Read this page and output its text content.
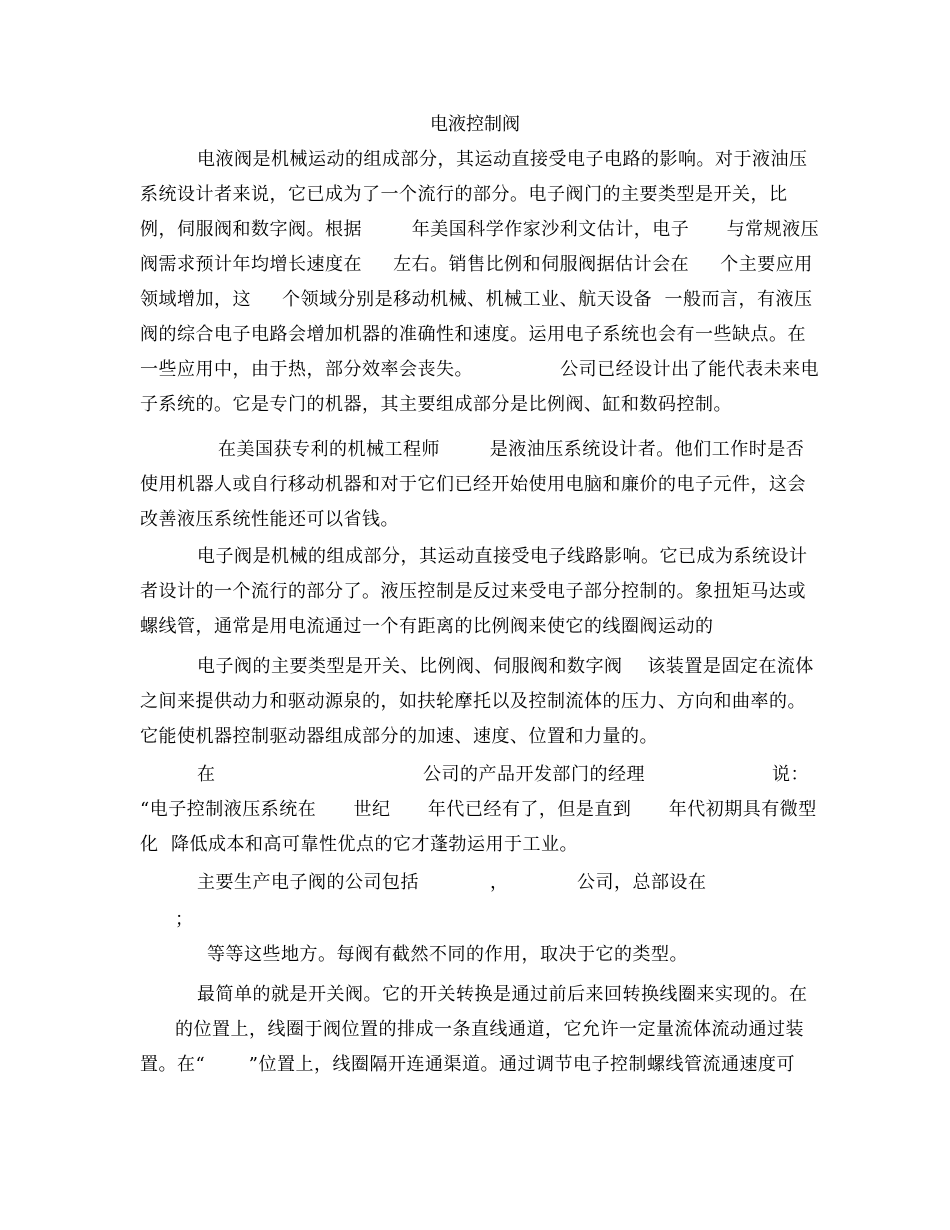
电液控制阀
电液阀是机械运动的组成部分，其运动直接受电子电路的影响。对于液油压
系统设计者来说，它已成为了一个流行的部分。电子阀门的主要类型是开关，比
例，伺服阀和数字阀。根据        年美国科学作家沙利文估计，电子      与常规液压
阀需求预计年均增长速度在     左右。销售比例和伺服阀据估计会在     个主要应用
领域增加，这     个领域分别是移动机械、机械工业、航天设备  一般而言，有液压
阀的综合电子电路会增加机器的准确性和速度。运用电子系统也会有一些缺点。在
一些应用中，由于热，部分效率会丧失。              公司已经设计出了能代表未来电
子系统的。它是专门的机器，其主要组成部分是比例阀、缸和数码控制。
在美国获专利的机械工程师        是液油压系统设计者。他们工作时是否
使用机器人或自行移动机器和对于它们已经开始使用电脑和廉价的电子元件，这会
改善液压系统性能还可以省钱。
电子阀是机械的组成部分，其运动直接受电子线路影响。它已成为系统设计
者设计的一个流行的部分了。液压控制是反过来受电子部分控制的。象扭矩马达或
螺线管，通常是用电流通过一个有距离的比例阀来使它的线圈阀运动的
电子阀的主要类型是开关、比例阀、伺服阀和数字阀    该装置是固定在流体
之间来提供动力和驱动源泉的，如扶轮摩托以及控制流体的压力、方向和曲率的。
它能使机器控制驱动器组成部分的加速、速度、位置和力量的。
在	公司的产品开发部门的经理	说：
“电子控制液压系统在      世纪      年代已经有了，但是直到      年代初期具有微型
化  降低成本和高可靠性优点的它才蓬勃运用于工业。
主要生产电子阀的公司包括	，	公司，总部设在
；
等等这些地方。每阀有截然不同的作用，取决于它的类型。
最简单的就是开关阀。它的开关转换是通过前后来回转换线圈来实现的。在
的位置上，线圈于阀位置的排成一条直线通道，它允许一定量流体流动通过装
置。在“       ”位置上，线圈隔开连通渠道。通过调节电子控制螺线管流通速度可
